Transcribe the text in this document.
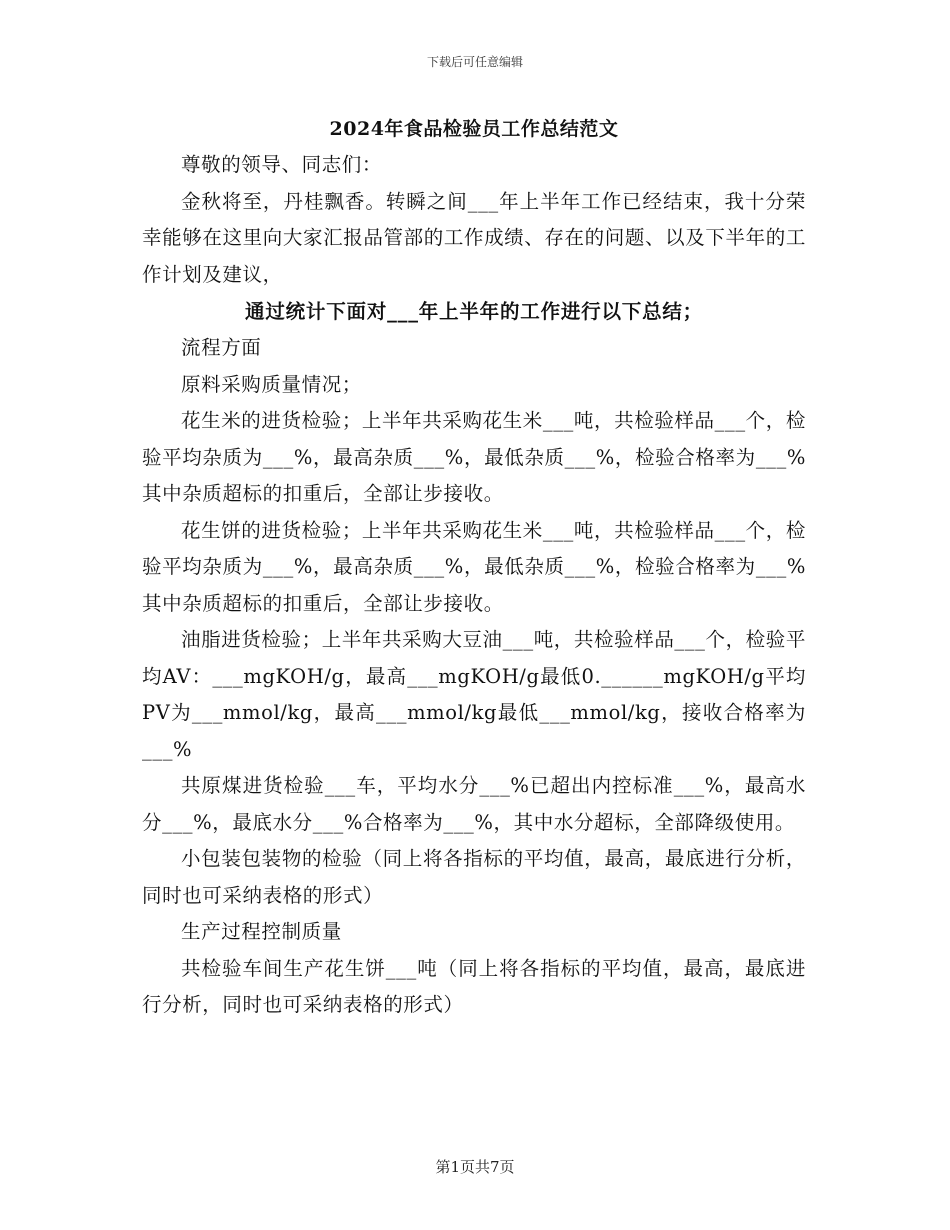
下载后可任意编辑
2024年食品检验员工作总结范文

尊敬的领导、同志们：

金秋将至，丹桂飘香。转瞬之间___年上半年工作已经结束，我十分荣幸能够在这里向大家汇报品管部的工作成绩、存在的问题、以及下半年的工作计划及建议，

通过统计下面对___年上半年的工作进行以下总结；

流程方面

原料采购质量情况；

花生米的进货检验；上半年共采购花生米___吨，共检验样品___个，检验平均杂质为___%，最高杂质___%，最低杂质___%，检验合格率为___%其中杂质超标的扣重后，全部让步接收。

花生饼的进货检验；上半年共采购花生米___吨，共检验样品___个，检验平均杂质为___%，最高杂质___%，最低杂质___%，检验合格率为___%其中杂质超标的扣重后，全部让步接收。

油脂进货检验；上半年共采购大豆油___吨，共检验样品___个，检验平均AV：___mgKOH/g，最高___mgKOH/g最低0.______mgKOH/g平均PV为___mmol/kg，最高___mmol/kg最低___mmol/kg，接收合格率为___%

共原煤进货检验___车，平均水分___%已超出内控标准___%，最高水分___%，最底水分___%合格率为___%，其中水分超标，全部降级使用。

小包装包装物的检验（同上将各指标的平均值，最高，最底进行分析，同时也可采纳表格的形式）

生产过程控制质量

共检验车间生产花生饼___吨（同上将各指标的平均值，最高，最底进行分析，同时也可采纳表格的形式）

第1页共7页
